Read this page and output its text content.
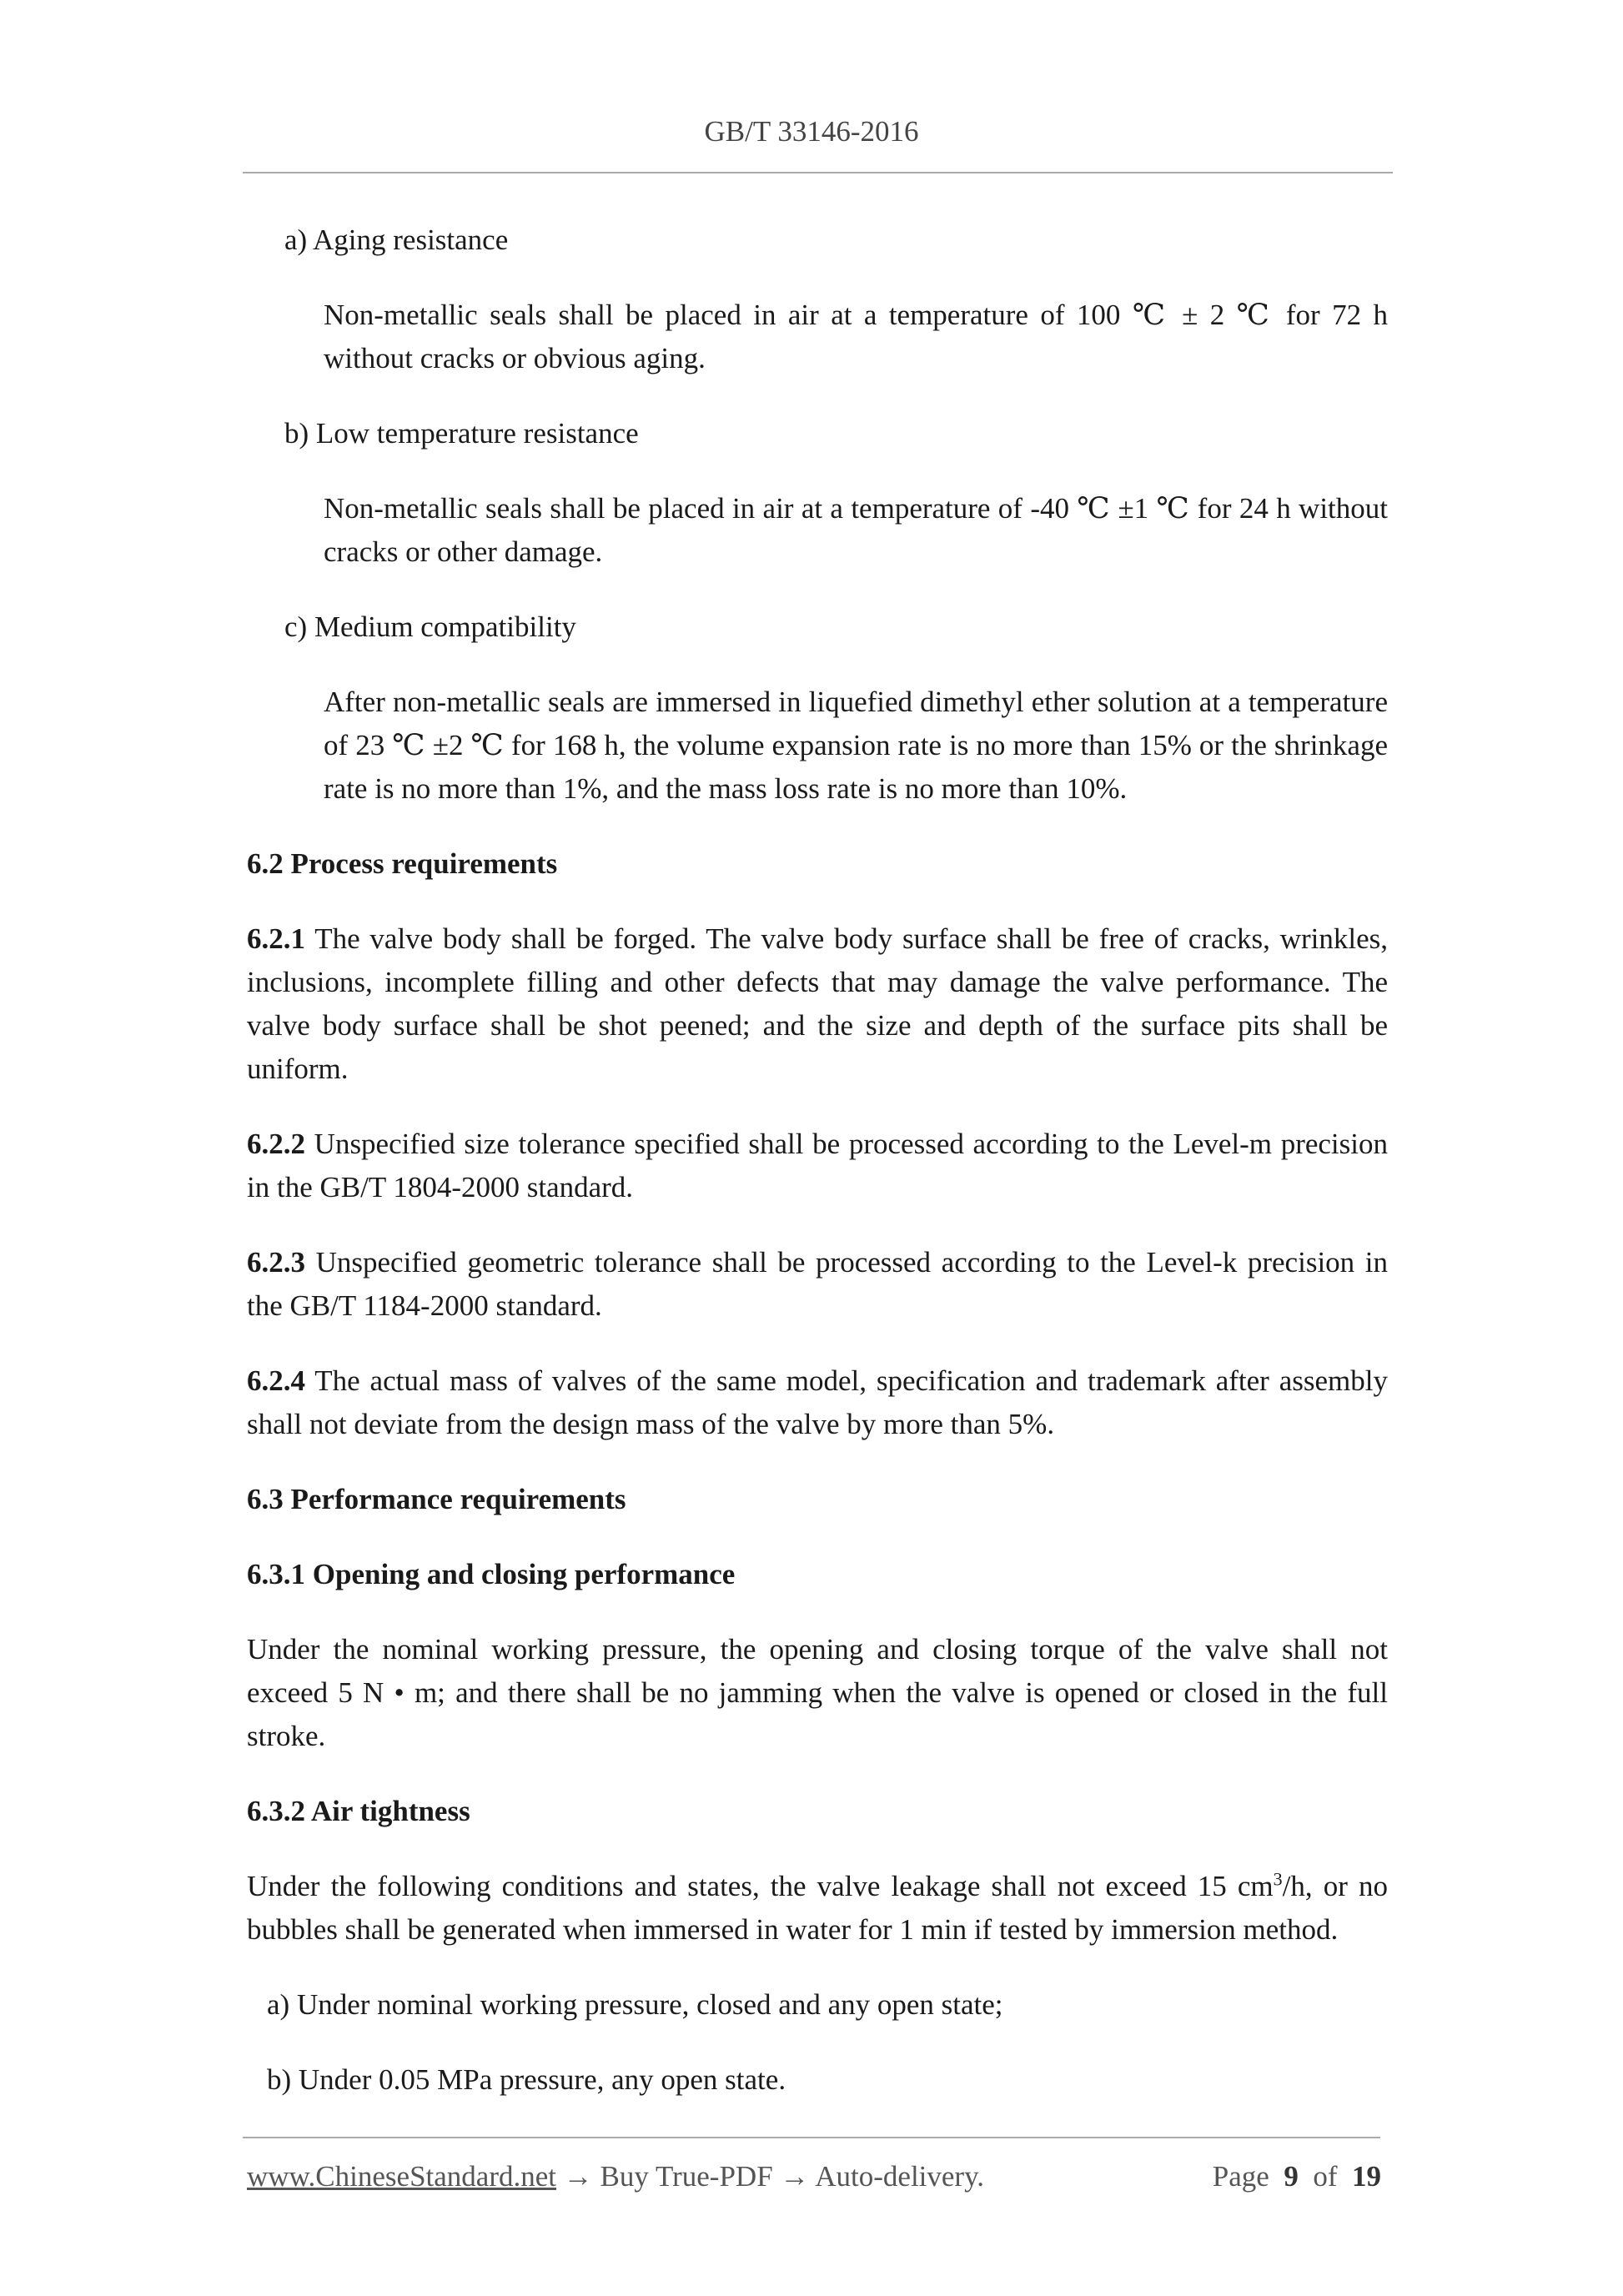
GB/T 33146-2016
a) Aging resistance
Non-metallic seals shall be placed in air at a temperature of 100 ℃ ± 2 ℃ for 72 h without cracks or obvious aging.
b) Low temperature resistance
Non-metallic seals shall be placed in air at a temperature of -40 ℃ ±1 ℃ for 24 h without cracks or other damage.
c) Medium compatibility
After non-metallic seals are immersed in liquefied dimethyl ether solution at a temperature of 23 ℃ ±2 ℃ for 168 h, the volume expansion rate is no more than 15% or the shrinkage rate is no more than 1%, and the mass loss rate is no more than 10%.
6.2 Process requirements
6.2.1 The valve body shall be forged. The valve body surface shall be free of cracks, wrinkles, inclusions, incomplete filling and other defects that may damage the valve performance. The valve body surface shall be shot peened; and the size and depth of the surface pits shall be uniform.
6.2.2 Unspecified size tolerance specified shall be processed according to the Level-m precision in the GB/T 1804-2000 standard.
6.2.3 Unspecified geometric tolerance shall be processed according to the Level-k precision in the GB/T 1184-2000 standard.
6.2.4 The actual mass of valves of the same model, specification and trademark after assembly shall not deviate from the design mass of the valve by more than 5%.
6.3 Performance requirements
6.3.1 Opening and closing performance
Under the nominal working pressure, the opening and closing torque of the valve shall not exceed 5 N • m; and there shall be no jamming when the valve is opened or closed in the full stroke.
6.3.2 Air tightness
Under the following conditions and states, the valve leakage shall not exceed 15 $cm^3/h$, or no bubbles shall be generated when immersed in water for 1 min if tested by immersion method.
a) Under nominal working pressure, closed and any open state;
b) Under 0.05 MPa pressure, any open state.
www.ChineseStandard.net → Buy True-PDF → Auto-delivery.	Page 9 of 19
